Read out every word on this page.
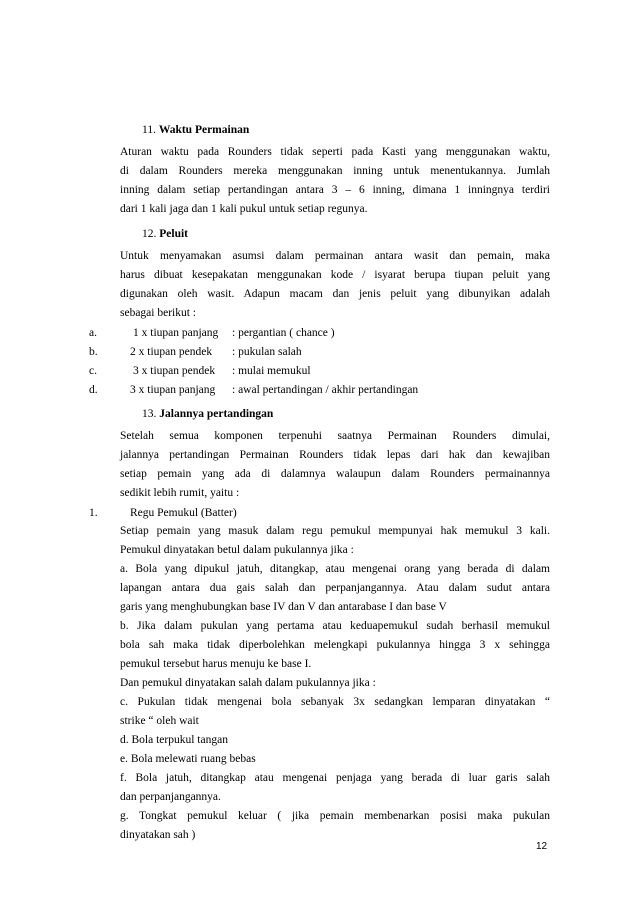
11. Waktu Permainan
Aturan waktu pada Rounders tidak seperti pada Kasti yang menggunakan waktu,
di dalam Rounders mereka menggunakan inning untuk menentukannya. Jumlah
inning dalam setiap pertandingan antara 3 – 6 inning, dimana 1 inningnya terdiri
dari 1 kali jaga dan 1 kali pukul untuk setiap regunya.
12. Peluit
Untuk menyamakan asumsi dalam permainan antara wasit dan pemain, maka
harus dibuat kesepakatan menggunakan kode / isyarat berupa tiupan peluit yang
digunakan oleh wasit. Adapun macam dan jenis peluit yang dibunyikan adalah
sebagai berikut :
a.	1 x tiupan panjang : pergantian ( chance )
b.	2 x tiupan pendek : pukulan salah
c.	3 x tiupan pendek : mulai memukul
d.	3 x tiupan panjang : awal pertandingan / akhir pertandingan
13. Jalannya pertandingan
Setelah semua komponen terpenuhi saatnya Permainan Rounders dimulai,
jalannya pertandingan Permainan Rounders tidak lepas dari hak dan kewajiban
setiap pemain yang ada di dalamnya walaupun dalam Rounders permainannya
sedikit lebih rumit, yaitu :
1.	Regu Pemukul (Batter)
Setiap pemain yang masuk dalam regu pemukul mempunyai hak memukul 3 kali.
Pemukul dinyatakan betul dalam pukulannya jika :
a. Bola yang dipukul jatuh, ditangkap, atau mengenai orang yang berada di dalam
lapangan antara dua gais salah dan perpanjangannya. Atau dalam sudut antara
garis yang menghubungkan base IV dan V dan antarabase I dan base V
b. Jika dalam pukulan yang pertama atau keduapemukul sudah berhasil memukul
bola sah maka tidak diperbolehkan melengkapi pukulannya hingga 3 x sehingga
pemukul tersebut harus menuju ke base I.
Dan pemukul dinyatakan salah dalam pukulannya jika :
c. Pukulan tidak mengenai bola sebanyak 3x sedangkan lemparan dinyatakan “
strike “ oleh wait
d. Bola terpukul tangan
e. Bola melewati ruang bebas
f. Bola jatuh, ditangkap atau mengenai penjaga yang berada di luar garis salah
dan perpanjangannya.
g. Tongkat pemukul keluar ( jika pemain membenarkan posisi maka pukulan
dinyatakan sah )
12
